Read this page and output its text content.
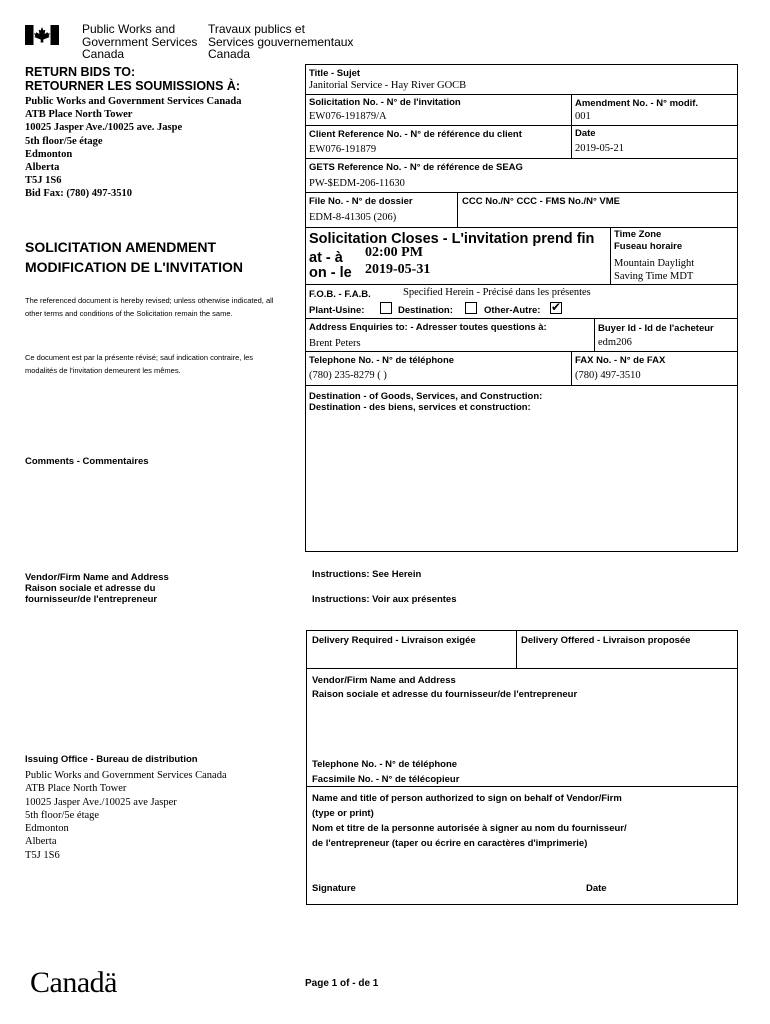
Public Works and
Government Services
Canada
Travaux publics et
Services gouvernementaux
Canada
RETURN BIDS TO:
RETOURNER LES SOUMISSIONS À:
Public Works and Government Services Canada
ATB Place North Tower
10025 Jasper Ave./10025 ave. Jaspe
5th floor/5e étage
Edmonton
Alberta
T5J 1S6
Bid Fax: (780) 497-3510
SOLICITATION AMENDMENT
MODIFICATION DE L'INVITATION
The referenced document is hereby revised; unless otherwise indicated, all other terms and conditions of the Solicitation remain the same.
Ce document est par la présente révisé; sauf indication contraire, les modalités de l'invitation demeurent les mêmes.
Comments - Commentaires
Vendor/Firm Name and Address
Raison sociale et adresse du
fournisseur/de l'entrepreneur
Issuing Office - Bureau de distribution
Public Works and Government Services Canada
ATB Place North Tower
10025 Jasper Ave./10025 ave Jasper
5th floor/5e étage
Edmonton
Alberta
T5J 1S6
Title - Sujet
Janitorial Service - Hay River GOCB
Solicitation No. - N° de l'invitation
EW076-191879/A
Amendment No. - N° modif.
001
Client Reference No. - N° de référence du client
EW076-191879
Date
2019-05-21
GETS Reference No. - N° de référence de SEAG
PW-$EDM-206-11630
File No. - N° de dossier
EDM-8-41305 (206)
CCC No./N° CCC - FMS No./N° VME
Solicitation Closes - L'invitation prend fin
at - à 02:00 PM
on - le 2019-05-31
Time Zone
Fuseau horaire
Mountain Daylight
Saving Time MDT
F.O.B. - F.A.B.	Specified Herein - Précisé dans les présentes
Plant-Usine:	Destination:	Other-Autre: ✔
Address Enquiries to: - Adresser toutes questions à:
Brent Peters
Buyer Id - Id de l'acheteur
edm206
Telephone No. - N° de téléphone
(780) 235-8279 ( )
FAX No. - N° de FAX
(780) 497-3510
Destination - of Goods, Services, and Construction:
Destination - des biens, services et construction:
Instructions: See Herein
Instructions: Voir aux présentes
Delivery Required - Livraison exigée	Delivery Offered - Livraison proposée
Vendor/Firm Name and Address
Raison sociale et adresse du fournisseur/de l'entrepreneur
Telephone No. - N° de téléphone
Facsimile No. - N° de télécopieur
Name and title of person authorized to sign on behalf of Vendor/Firm
(type or print)
Nom et titre de la personne autorisée à signer au nom du fournisseur/
de l'entrepreneur (taper ou écrire en caractères d'imprimerie)
Signature	Date
Canadä	Page 1 of - de 1
